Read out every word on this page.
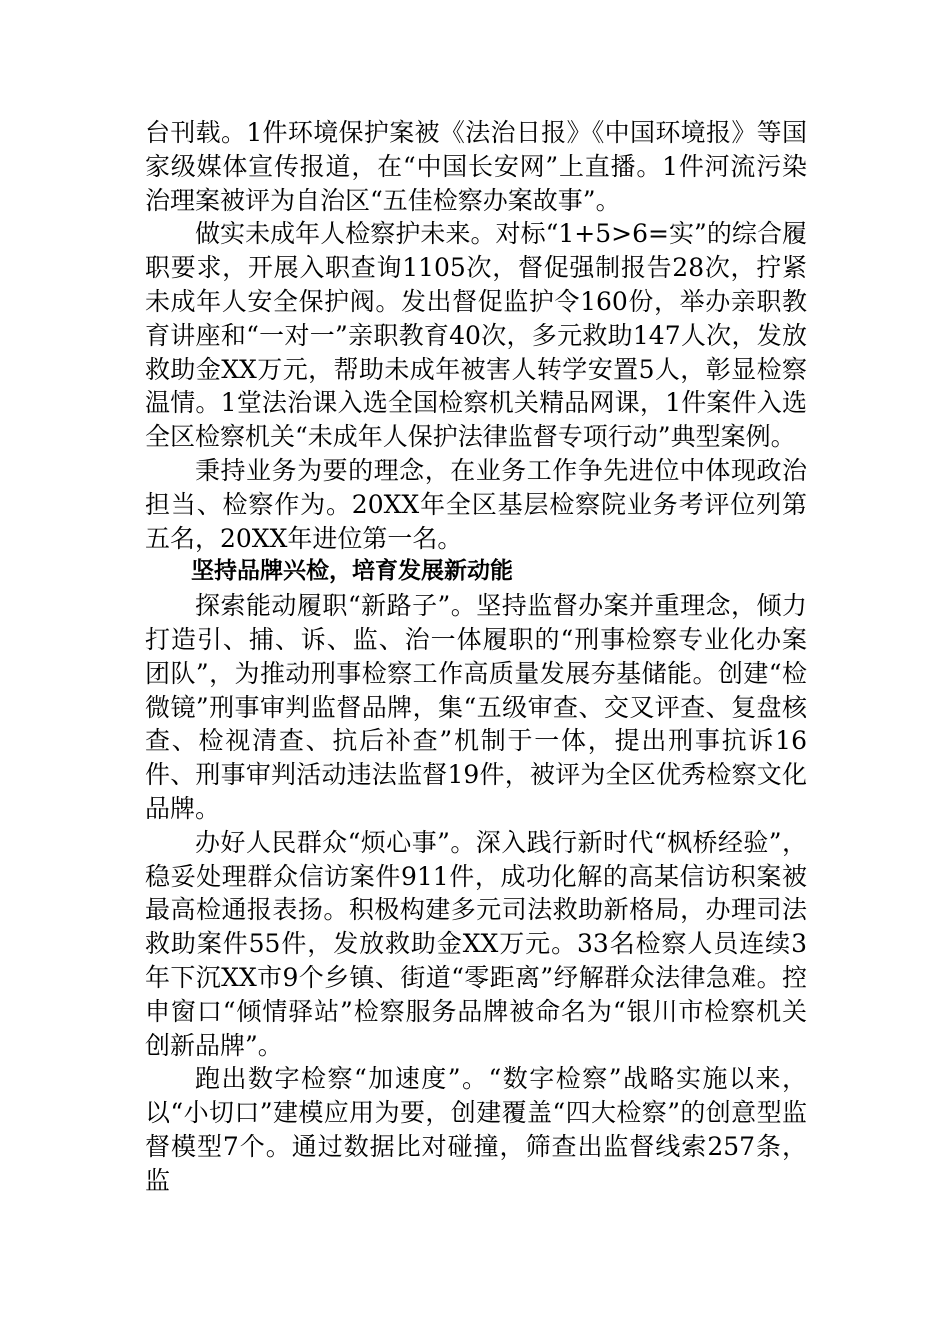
台刊载。1件环境保护案被《法治日报》《中国环境报》等国家级媒体宣传报道，在“中国长安网”上直播。1件河流污染治理案被评为自治区“五佳检察办案故事”。

做实未成年人检察护未来。对标“1+5>6=实”的综合履职要求，开展入职查询1105次，督促强制报告28次，拧紧未成年人安全保护阀。发出督促监护令160份，举办亲职教育讲座和“一对一”亲职教育40次，多元救助147人次，发放救助金XX万元，帮助未成年被害人转学安置5人，彰显检察温情。1堂法治课入选全国检察机关精品网课，1件案件入选全区检察机关“未成年人保护法律监督专项行动”典型案例。

秉持业务为要的理念，在业务工作争先进位中体现政治担当、检察作为。20XX年全区基层检察院业务考评位列第五名，20XX年进位第一名。

坚持品牌兴检，培育发展新动能

探索能动履职“新路子”。坚持监督办案并重理念，倾力打造引、捕、诉、监、治一体履职的“刑事检察专业化办案团队”，为推动刑事检察工作高质量发展夯基储能。创建“检微镜”刑事审判监督品牌，集“五级审查、交叉评查、复盘核查、检视清查、抗后补查”机制于一体，提出刑事抗诉16件、刑事审判活动违法监督19件，被评为全区优秀检察文化品牌。

办好人民群众“烦心事”。深入践行新时代“枫桥经验”，稳妥处理群众信访案件911件，成功化解的高某信访积案被最高检通报表扬。积极构建多元司法救助新格局，办理司法救助案件55件，发放救助金XX万元。33名检察人员连续3年下沉XX市9个乡镇、街道“零距离”纾解群众法律急难。控申窗口“倾情驿站”检察服务品牌被命名为“银川市检察机关创新品牌”。

跑出数字检察“加速度”。“数字检察”战略实施以来，以“小切口”建模应用为要，创建覆盖“四大检察”的创意型监督模型7个。通过数据比对碰撞，筛查出监督线索257条，监
